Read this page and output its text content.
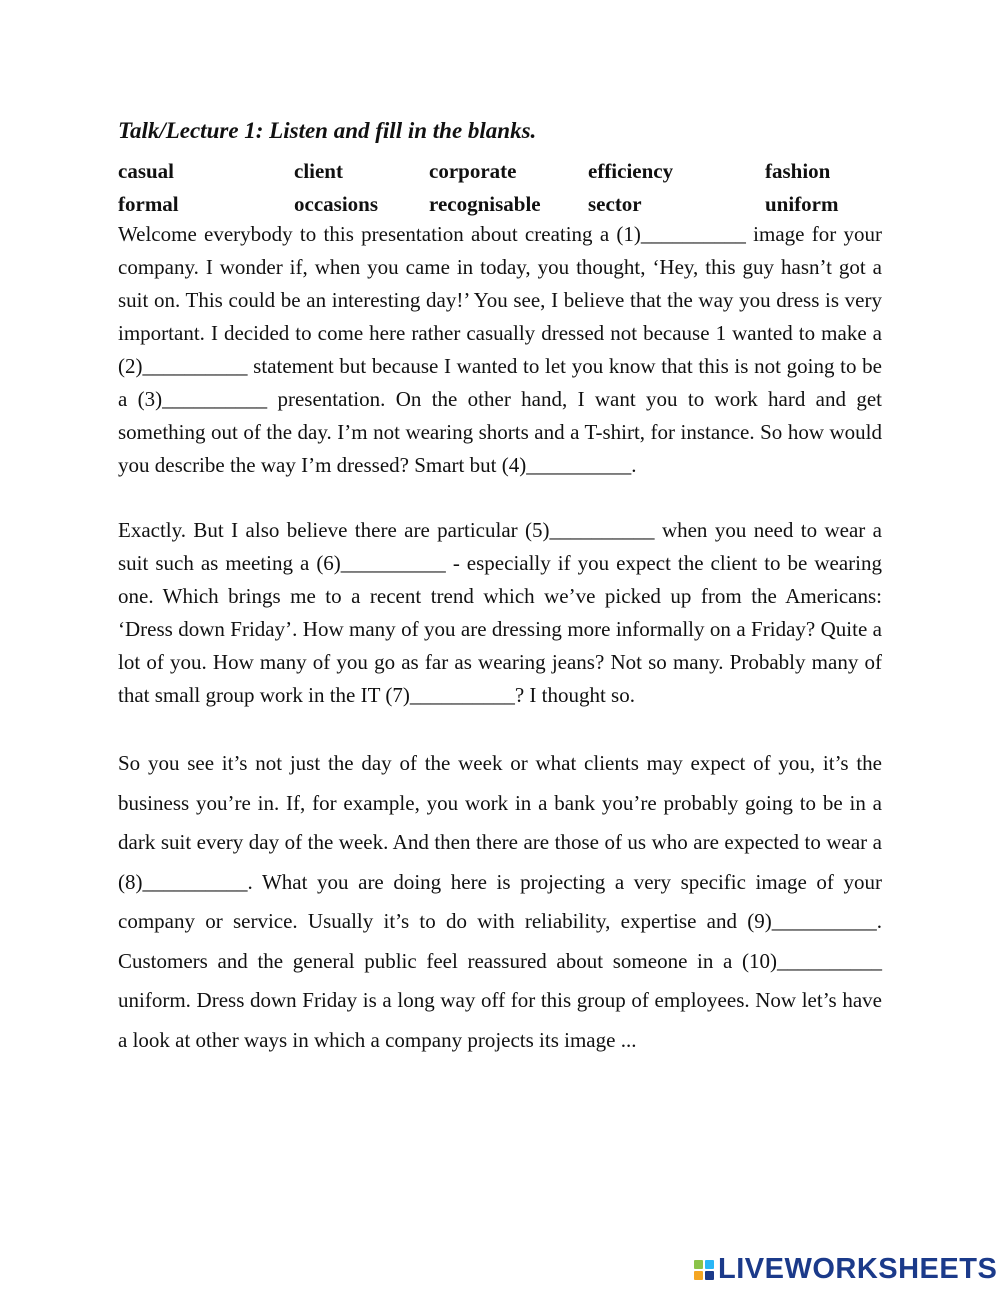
Talk/Lecture 1: Listen and fill in the blanks.
casual	client	corporate	efficiency	fashion
formal	occasions	recognisable	sector	uniform

Welcome everybody to this presentation about creating a (1)__________ image for your company. I wonder if, when you came in today, you thought, ‘Hey, this guy hasn’t got a suit on. This could be an interesting day!’ You see, I believe that the way you dress is very important. I decided to come here rather casually dressed not because 1 wanted to make a (2)__________ statement but because I wanted to let you know that this is not going to be a (3)__________ presentation. On the other hand, I want you to work hard and get something out of the day. I’m not wearing shorts and a T-shirt, for instance. So how would you describe the way I’m dressed? Smart but (4)__________.

Exactly. But I also believe there are particular (5)__________ when you need to wear a suit such as meeting a (6)__________ - especially if you expect the client to be wearing one. Which brings me to a recent trend which we’ve picked up from the Americans: ‘Dress down Friday’. How many of you are dressing more informally on a Friday? Quite a lot of you. How many of you go as far as wearing jeans? Not so many. Probably many of that small group work in the IT (7)__________? I thought so.

So you see it’s not just the day of the week or what clients may expect of you, it’s the business you’re in. If, for example, you work in a bank you’re probably going to be in a dark suit every day of the week. And then there are those of us who are expected to wear a (8)__________. What you are doing here is projecting a very specific image of your company or service. Usually it’s to do with reliability, expertise and (9)__________. Customers and the general public feel reassured about someone in a (10)__________ uniform. Dress down Friday is a long way off for this group of employees. Now let’s have a look at other ways in which a company projects its image ...

LIVEWORKSHEETS
